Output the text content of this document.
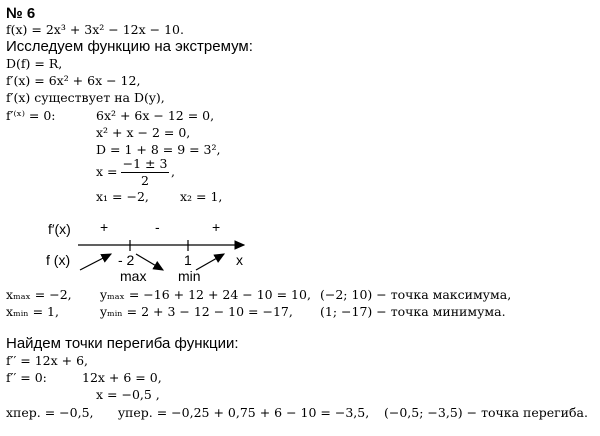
№ 6
f(x) = 2x³ + 3x² − 12x − 10.
Исследуем функцию на экстремум:
D(f) = R,
f′(x) = 6x² + 6x − 12,
f′(x) существует на D(y),
f′⁽ˣ⁾ = 0:	6x² + 6x − 12 = 0,
x² + x − 2 = 0,
D = 1 + 8 = 9 = 3²,
x =
−1 ± 3
2
,
x₁ = −2, x₂ = 1,
f′(x) +	-	+
f (x)	- 2	1	x
max min
xₘₐₓ = −2, yₘₐₓ = −16 + 12 + 24 − 10 = 10, (−2; 10) − точка максимума,
xₘᵢₙ = 1,	yₘᵢₙ = 2 + 3 − 12 − 10 = −17, (1; −17) − точка минимума.
Найдем точки перегиба функции:
f′′ = 12x + 6,
f′′ = 0:	12x + 6 = 0,
x = −0,5 ,
xпер. = −0,5, yпер. = −0,25 + 0,75 + 6 − 10 = −3,5, (−0,5; −3,5) − точка перегиба.
